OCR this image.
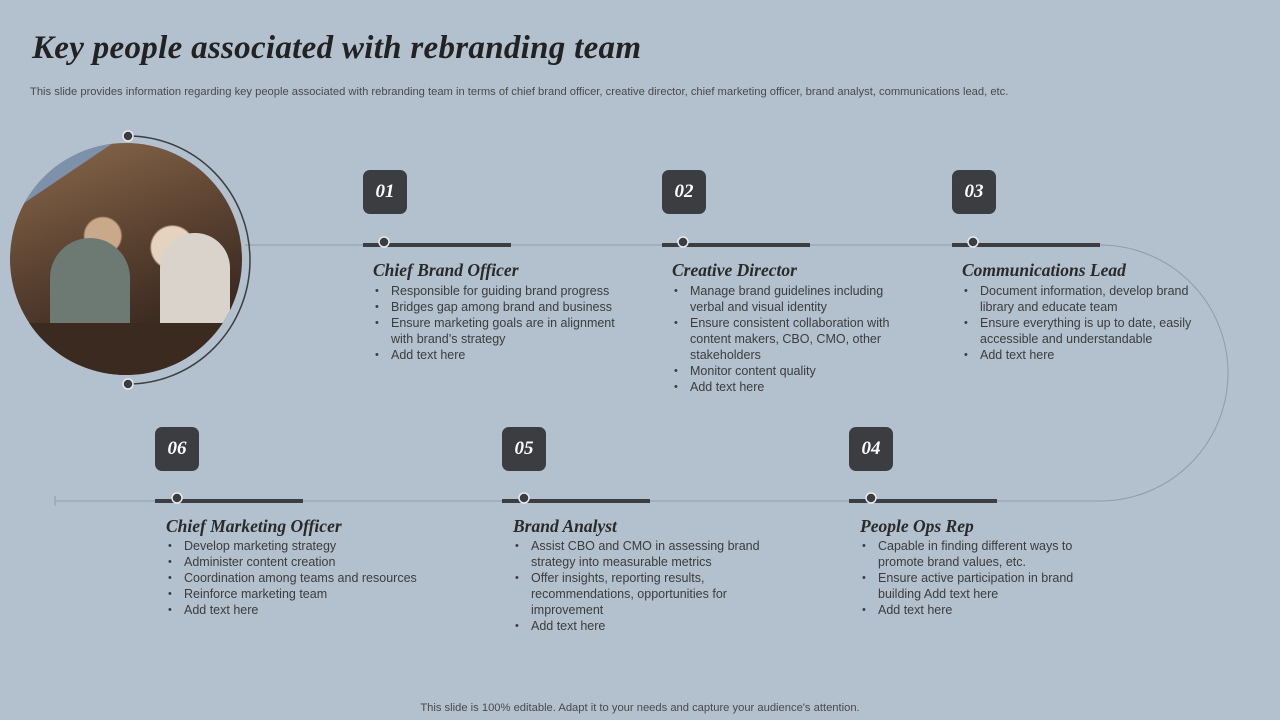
Key people associated with rebranding team

This slide provides information regarding key people associated with rebranding team in terms of chief brand officer, creative director, chief marketing officer, brand analyst, communications lead, etc.

01
Chief Brand Officer
• Responsible for guiding brand progress
• Bridges gap among brand and business
• Ensure marketing goals are in alignment with brand’s strategy
• Add text here
02
Creative Director
• Manage brand guidelines including verbal and visual identity
• Ensure consistent collaboration with content makers, CBO, CMO, other stakeholders
• Monitor content quality
• Add text here
03
Communications Lead
• Document information, develop brand library and educate team
• Ensure everything is up to date, easily accessible and understandable
• Add text here
06
Chief Marketing Officer
• Develop marketing strategy
• Administer content creation
• Coordination among teams and resources
• Reinforce marketing team
• Add text here
05
Brand Analyst
• Assist CBO and CMO in assessing brand strategy into measurable metrics
• Offer insights, reporting results, recommendations, opportunities for improvement
• Add text here
04
People Ops Rep
• Capable in finding different ways to promote brand values, etc.
• Ensure active participation in brand building Add text here
• Add text here
This slide is 100% editable. Adapt it to your needs and capture your audience's attention.
